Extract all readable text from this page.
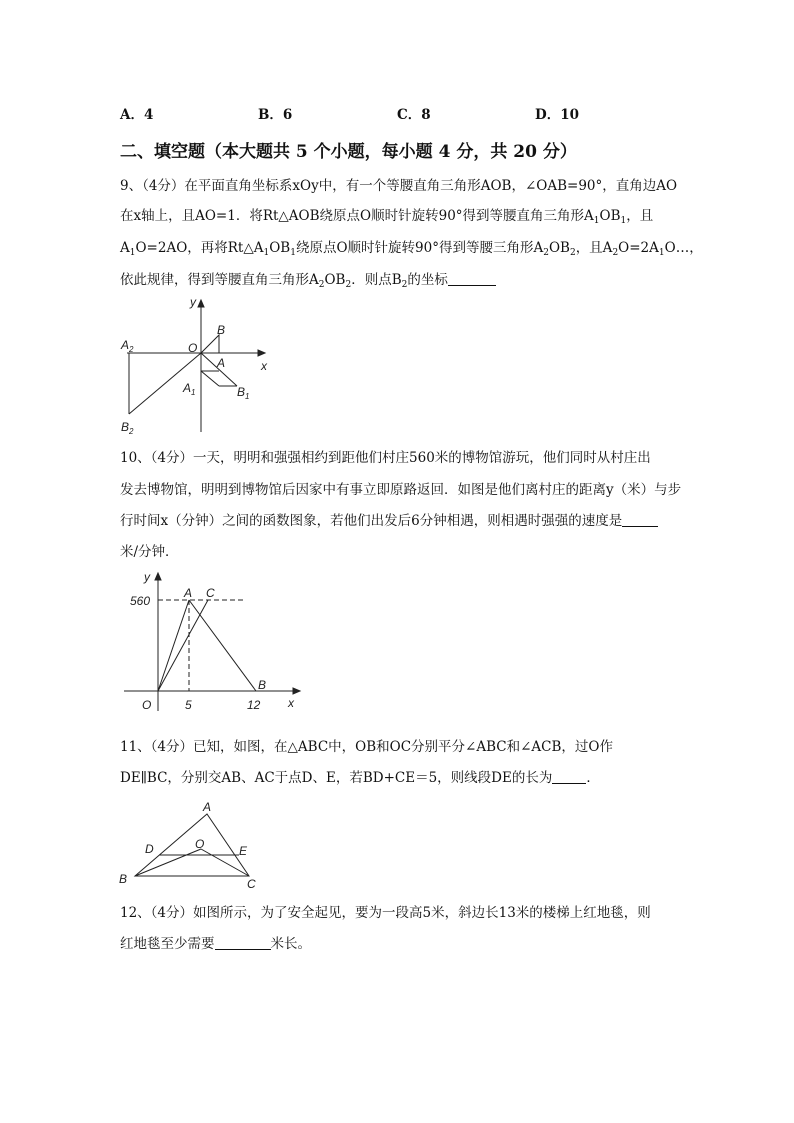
A．4	B．6	C．8	D．10
二、填空题（本大题共 5 个小题，每小题 4 分，共 20 分）
9、（4分）在平面直角坐标系xOy中，有一个等腰直角三角形AOB，∠OAB=90°，直角边AO
在x轴上，且AO=1．将Rt△AOB绕原点O顺时针旋转90°得到等腰直角三角形$A_1OB_1$，且
$A_1O=2AO$，再将$Rt\triangle A_1OB_1$绕原点O顺时针旋转90°得到等腰三角形$A_2OB_2$，且$A_2O=2A_1O\dots$，
依此规律，得到等腰直角三角形$A_2OB_2$．则点$B_2$的坐标
y
x
B
A
O
$A_2$
$A_1$	$B_1$
$B_2$
10、（4分）一天，明明和强强相约到距他们村庄560米的博物馆游玩，他们同时从村庄出
发去博物馆，明明到博物馆后因家中有事立即原路返回．如图是他们离村庄的距离y（米）与步
行时间x（分钟）之间的函数图象，若他们出发后6分钟相遇，则相遇时强强的速度是
米/分钟．
y
x
560
A C
B
O	5	12
11、（4分）已知，如图，在△ABC中，OB和OC分别平分∠ABC和∠ACB，过O作
DE∥BC，分别交AB、AC于点D、E，若BD+CE＝5，则线段DE的长为	．
A
D	O	E
B	C
12、（4分）如图所示，为了安全起见，要为一段高5米，斜边长13米的楼梯上红地毯，则
红地毯至少需要	米长。
